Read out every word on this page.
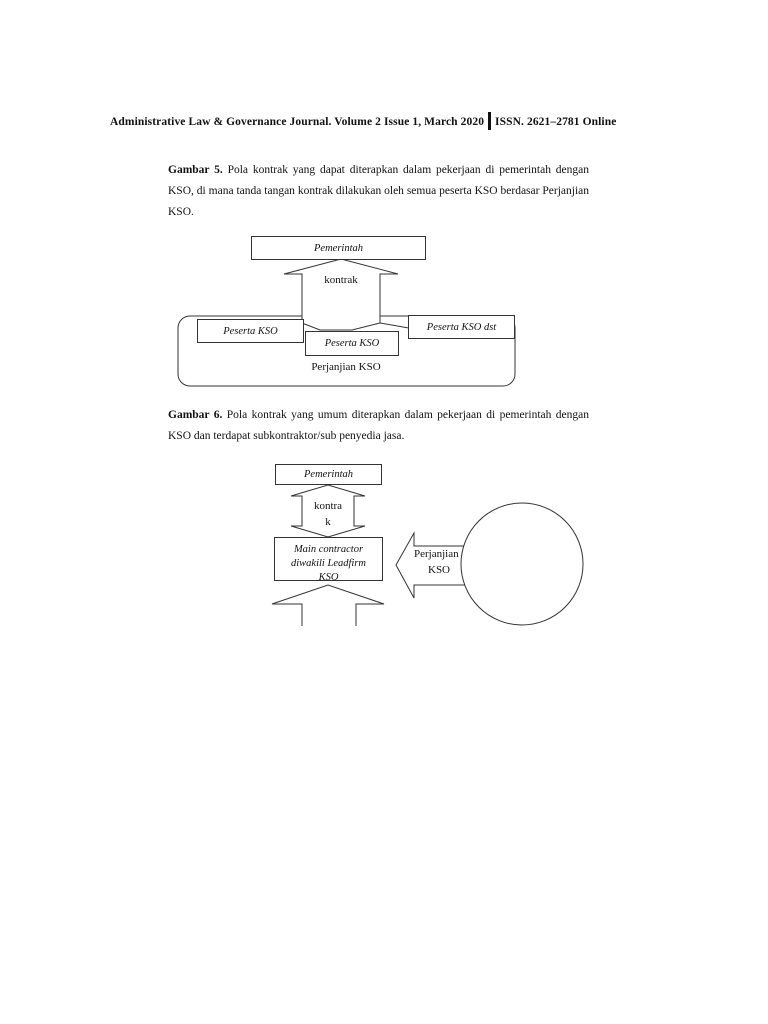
Administrative Law & Governance Journal. Volume 2 Issue 1, March 2020 ISSN. 2621–2781 Online
Gambar 5. Pola kontrak yang dapat diterapkan dalam pekerjaan di pemerintah dengan KSO, di mana tanda tangan kontrak dilakukan oleh semua peserta KSO berdasar Perjanjian KSO.
Pemerintah
kontrak
Peserta KSO
Peserta KSO
Peserta KSO dst
Perjanjian KSO
Gambar 6. Pola kontrak yang umum diterapkan dalam pekerjaan di pemerintah dengan KSO dan terdapat subkontraktor/sub penyedia jasa.
Pemerintah
kontra
k
Main contractor
diwakili Leadfirm
KSO
Perjanjian
KSO
